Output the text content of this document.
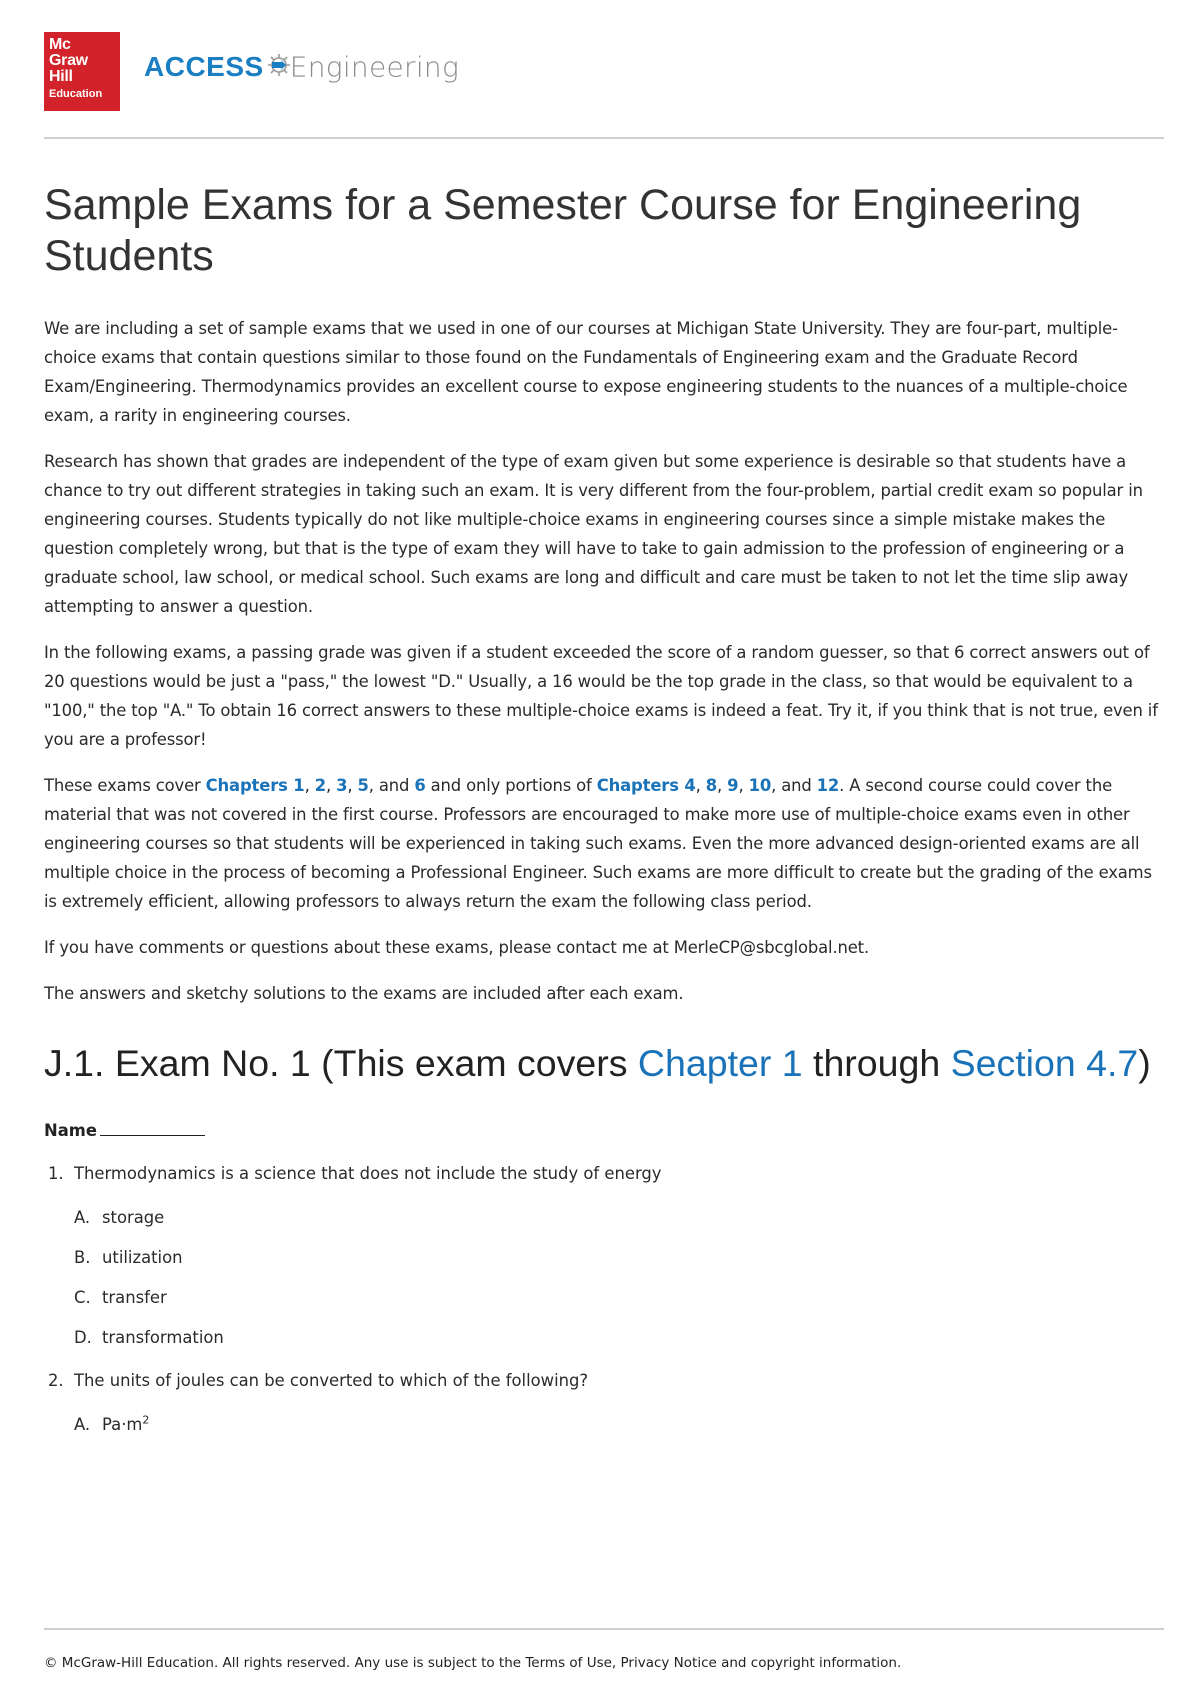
Mc
Graw
Hill
Education
ACCESS Engineering
Sample Exams for a Semester Course for Engineering Students

We are including a set of sample exams that we used in one of our courses at Michigan State University. They are four-part, multiple-choice exams that contain questions similar to those found on the Fundamentals of Engineering exam and the Graduate Record Exam/Engineering. Thermodynamics provides an excellent course to expose engineering students to the nuances of a multiple-choice exam, a rarity in engineering courses.

Research has shown that grades are independent of the type of exam given but some experience is desirable so that students have a chance to try out different strategies in taking such an exam. It is very different from the four-problem, partial credit exam so popular in engineering courses. Students typically do not like multiple-choice exams in engineering courses since a simple mistake makes the question completely wrong, but that is the type of exam they will have to take to gain admission to the profession of engineering or a graduate school, law school, or medical school. Such exams are long and difficult and care must be taken to not let the time slip away attempting to answer a question.

In the following exams, a passing grade was given if a student exceeded the score of a random guesser, so that 6 correct answers out of 20 questions would be just a "pass," the lowest "D." Usually, a 16 would be the top grade in the class, so that would be equivalent to a "100," the top "A." To obtain 16 correct answers to these multiple-choice exams is indeed a feat. Try it, if you think that is not true, even if you are a professor!

These exams cover Chapters 1, 2, 3, 5, and 6 and only portions of Chapters 4, 8, 9, 10, and 12. A second course could cover the material that was not covered in the first course. Professors are encouraged to make more use of multiple-choice exams even in other engineering courses so that students will be experienced in taking such exams. Even the more advanced design-oriented exams are all multiple choice in the process of becoming a Professional Engineer. Such exams are more difficult to create but the grading of the exams is extremely efficient, allowing professors to always return the exam the following class period.

If you have comments or questions about these exams, please contact me at MerleCP@sbcglobal.net.

The answers and sketchy solutions to the exams are included after each exam.

J.1. Exam No. 1 (This exam covers Chapter 1 through Section 4.7)
Name
1. Thermodynamics is a science that does not include the study of energy
A. storage
B. utilization
C. transfer
D. transformation
2. The units of joules can be converted to which of the following?
A. $Pa\cdot m^2$
© McGraw-Hill Education. All rights reserved. Any use is subject to the Terms of Use, Privacy Notice and copyright information.
